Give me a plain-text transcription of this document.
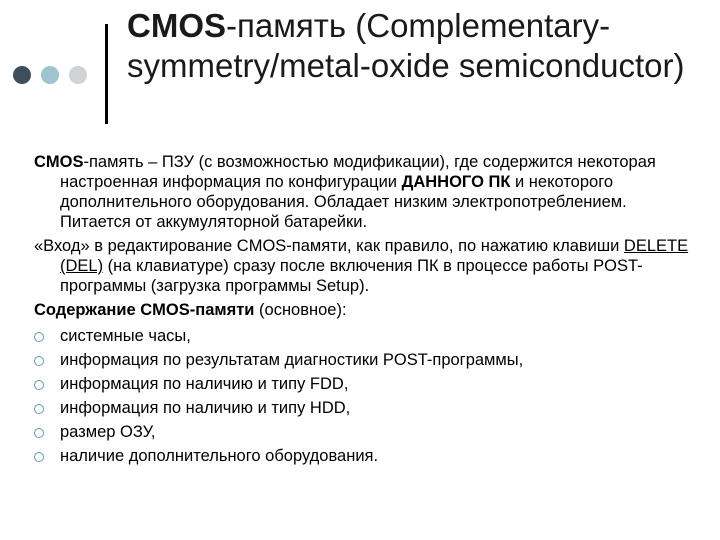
CMOS-память (Complementary-symmetry/metal-oxide semiconductor)

CMOS-память – ПЗУ (с возможностью модификации), где содержится некоторая настроенная информация по конфигурации ДАННОГО ПК и некоторого дополнительного оборудования. Обладает низким электропотреблением. Питается от аккумуляторной батарейки.

«Вход» в редактирование CMOS-памяти, как правило, по нажатию клавиши DELETE (DEL) (на клавиатуре) сразу после включения ПК в процессе работы POST-программы (загрузка программы Setup).

Содержание CMOS-памяти (основное):

системные часы,
информация по результатам диагностики POST-программы,
информация по наличию и типу FDD,
информация по наличию и типу HDD,
размер ОЗУ,
наличие дополнительного оборудования.
